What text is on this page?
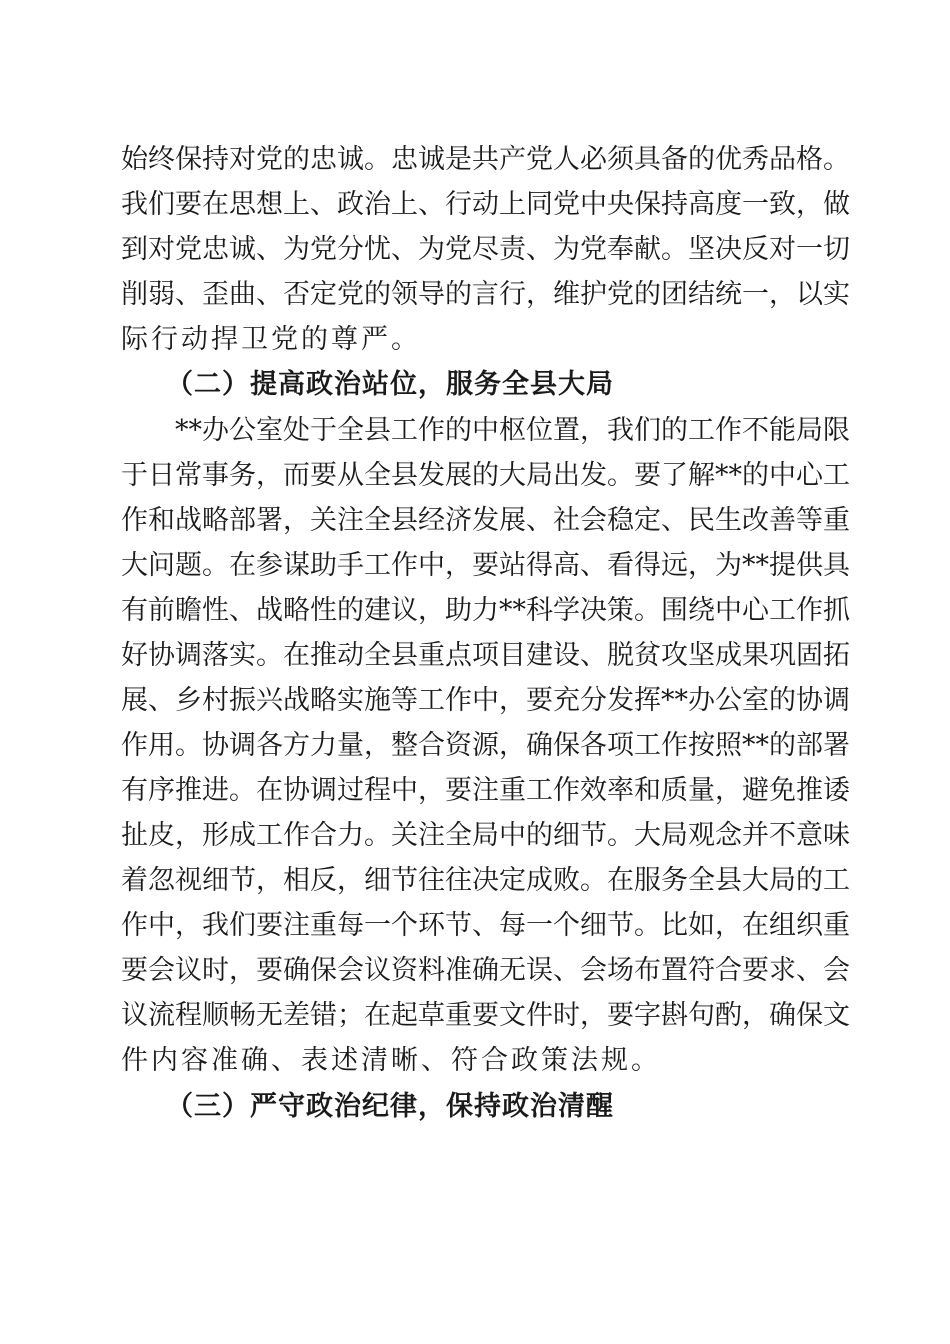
始终保持对党的忠诚。忠诚是共产党人必须具备的优秀品格。
我们要在思想上、政治上、行动上同党中央保持高度一致，做
到对党忠诚、为党分忧、为党尽责、为党奉献。坚决反对一切
削弱、歪曲、否定党的领导的言行，维护党的团结统一，以实
际行动捍卫党的尊严。
（二）提高政治站位，服务全县大局
**办公室处于全县工作的中枢位置，我们的工作不能局限
于日常事务，而要从全县发展的大局出发。要了解**的中心工
作和战略部署，关注全县经济发展、社会稳定、民生改善等重
大问题。在参谋助手工作中，要站得高、看得远，为**提供具
有前瞻性、战略性的建议，助力**科学决策。围绕中心工作抓
好协调落实。在推动全县重点项目建设、脱贫攻坚成果巩固拓
展、乡村振兴战略实施等工作中，要充分发挥**办公室的协调
作用。协调各方力量，整合资源，确保各项工作按照**的部署
有序推进。在协调过程中，要注重工作效率和质量，避免推诿
扯皮，形成工作合力。关注全局中的细节。大局观念并不意味
着忽视细节，相反，细节往往决定成败。在服务全县大局的工
作中，我们要注重每一个环节、每一个细节。比如，在组织重
要会议时，要确保会议资料准确无误、会场布置符合要求、会
议流程顺畅无差错；在起草重要文件时，要字斟句酌，确保文
件内容准确、表述清晰、符合政策法规。
（三）严守政治纪律，保持政治清醒
